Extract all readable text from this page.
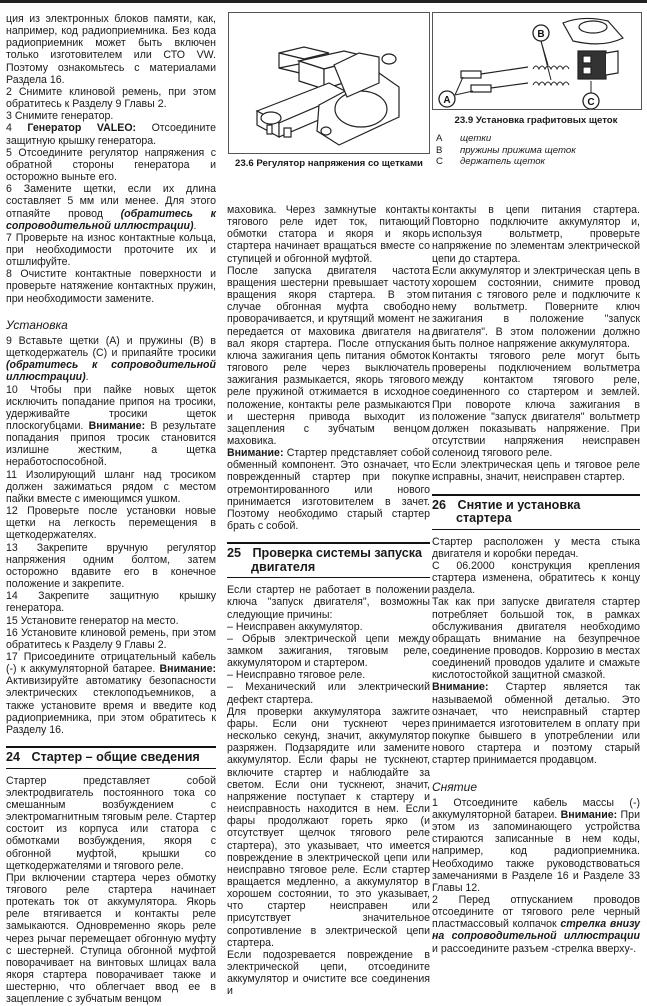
ция из электронных блоков памяти, как, например, код радиоприемника. Без кода радиоприемник может быть включен только изготовителем или СТО VW. Поэтому ознакомьтесь с материалами Раздела 16.

2 Снимите клиновой ремень, при этом обратитесь к Разделу 9 Главы 2.

3 Снимите генератор.

4 Генератор VALEO: Отсоедините защитную крышку генератора.

5 Отсоедините регулятор напряжения с обратной стороны генератора и осторожно выньте его.

6 Замените щетки, если их длина составляет 5 мм или менее. Для этого отпаяйте провод (обратитесь к сопроводительной иллюстрации).

7 Проверьте на износ контактные кольца, при необходимости проточите их и отшлифуйте.

8 Очистите контактные поверхности и проверьте натяжение контактных пружин, при необходимости замените.

Установка

9 Вставьте щетки (А) и пружины (В) в щеткодержатель (С) и припаяйте тросики (обратитесь к сопроводительной иллюстрации).

10 Чтобы при пайке новых щеток исключить попадание припоя на тросики, удерживайте тросики щеток плоскогубцами. Внимание: В результате попадания припоя тросик становится излишне жестким, а щетка неработоспособной.

11 Изолирующий шланг над тросиком должен зажиматься рядом с местом пайки вместе с имеющимся ушком.

12 Проверьте после установки новые щетки на легкость перемещения в щеткодержателях.

13 Закрепите вручную регулятор напряжения одним болтом, затем осторожно вдавите его в конечное положение и закрепите.

14 Закрепите защитную крышку генератора.

15 Установите генератор на место.

16 Установите клиновой ремень, при этом обратитесь к Разделу 9 Главы 2.

17 Присоедините отрицательный кабель (-) к аккумуляторной батарее. Внимание: Активизируйте автоматику безопасности электрических стеклоподъемников, а также установите время и введите код радиоприемника, при этом обратитесь к Разделу 16.

24 Стартер – общие сведения

Стартер представляет собой электродвигатель постоянного тока со смешанным возбуждением с электромагнитным тяговым реле. Стартер состоит из корпуса или статора с обмотками возбуждения, якоря с обгонной муфтой, крышки со щеткодержателями и тягового реле.

При включении стартера через обмотку тягового реле стартера начинает протекать ток от аккумулятора. Якорь реле втягивается и контакты реле замыкаются. Одновременно якорь реле через рычаг перемещает обгонную муфту с шестерней. Ступица обгонной муфтой поворачивает на винтовых шлицах вала якоря стартера поворачивает также и шестерню, что облегчает ввод ее в зацепление с зубчатым венцом

23.6 Регулятор напряжения со щетками
B
A	C
23.9 Установка графитовых щеток
A	щетки
B	пружины прижима щеток
C	держатель щеток

маховика. Через замкнутые контакты тягового реле идет ток, питающий обмотки статора и якоря и якорь стартера начинает вращаться вместе со ступицей и обгонной муфтой.

После запуска двигателя частота вращения шестерни превышает частоту вращения якоря стартера. В этом случае обгонная муфта свободно проворачивается, и крутящий момент не передается от маховика двигателя на вал якоря стартера. После отпускания ключа зажигания цепь питания обмоток тягового реле через выключатель зажигания размыкается, якорь тягового реле пружиной отжимается в исходное положение, контакты реле размыкаются и шестерня привода выходит из зацепления с зубчатым венцом маховика.

Внимание: Стартер представляет собой обменный компонент. Это означает, что поврежденный стартер при покупке отремонтированного или нового принимается изготовителем в зачет. Поэтому необходимо старый стартер брать с собой.

25 Проверка системы запуска
двигателя

Если стартер не работает в положении ключа "запуск двигателя", возможны следующие причины:

– Неисправен аккумулятор.

– Обрыв электрической цепи между замком зажигания, тяговым реле, аккумулятором и стартером.

– Неисправно тяговое реле.

– Механический или электрический дефект стартера.

Для проверки аккумулятора зажгите фары. Если они тускнеют через несколько секунд, значит, аккумулятор разряжен. Подзарядите или замените аккумулятор. Если фары не тускнеют, включите стартер и наблюдайте за светом. Если они тускнеют, значит, напряжение поступает к стартеру и неисправность находится в нем. Если фары продолжают гореть ярко (и отсутствует щелчок тягового реле стартера), это указывает, что имеется повреждение в электрической цепи или неисправно тяговое реле. Если стартер вращается медленно, а аккумулятор в хорошем состоянии, то это указывает, что стартер неисправен или присутствует значительное сопротивление в электрической цепи стартера.

Если подозревается повреждение в электрической цепи, отсоедините аккумулятор и очистите все соединения и

контакты в цепи питания стартера. Повторно подключите аккумулятор и, используя вольтметр, проверьте напряжение по элементам электрической цепи до стартера.

Если аккумулятор и электрическая цепь в хорошем состоянии, снимите провод питания с тягового реле и подключите к нему вольтметр. Поверните ключ зажигания в положение "запуск двигателя". В этом положении должно быть полное напряжение аккумулятора.

Контакты тягового реле могут быть проверены подключением вольтметра между контактом тягового реле, соединенного со стартером и землей. При повороте ключа зажигания в положение "запуск двигателя" вольтметр должен показывать напряжение. При отсутствии напряжения неисправен соленоид тягового реле.

Если электрическая цепь и тяговое реле исправны, значит, неисправен стартер.

26 Снятие и установка
стартера

Стартер расположен у места стыка двигателя и коробки передач.

С 06.2000 конструкция крепления стартера изменена, обратитесь к концу раздела.

Так как при запуске двигателя стартер потребляет большой ток, в рамках обслуживания двигателя необходимо обращать внимание на безупречное соединение проводов. Коррозию в местах соединений проводов удалите и смажьте кислотостойкой защитной смазкой.

Внимание: Стартер является так называемой обменной деталью. Это означает, что неисправный стартер принимается изготовителем в оплату при покупке бывшего в употреблении или нового стартера и поэтому старый стартер принимается продавцом.

Снятие

1 Отсоедините кабель массы (-) аккумуляторной батареи. Внимание: При этом из запоминающего устройства стираются записанные в нем коды, например, код радиоприемника. Необходимо также руководствоваться замечаниями в Разделе 16 и Разделе 33 Главы 12.

2 Перед отпусканием проводов отсоедините от тягового реле черный пластмассовый колпачок стрелка внизу на сопроводительной иллюстрации и рассоедините разъем -стрелка вверху-.
